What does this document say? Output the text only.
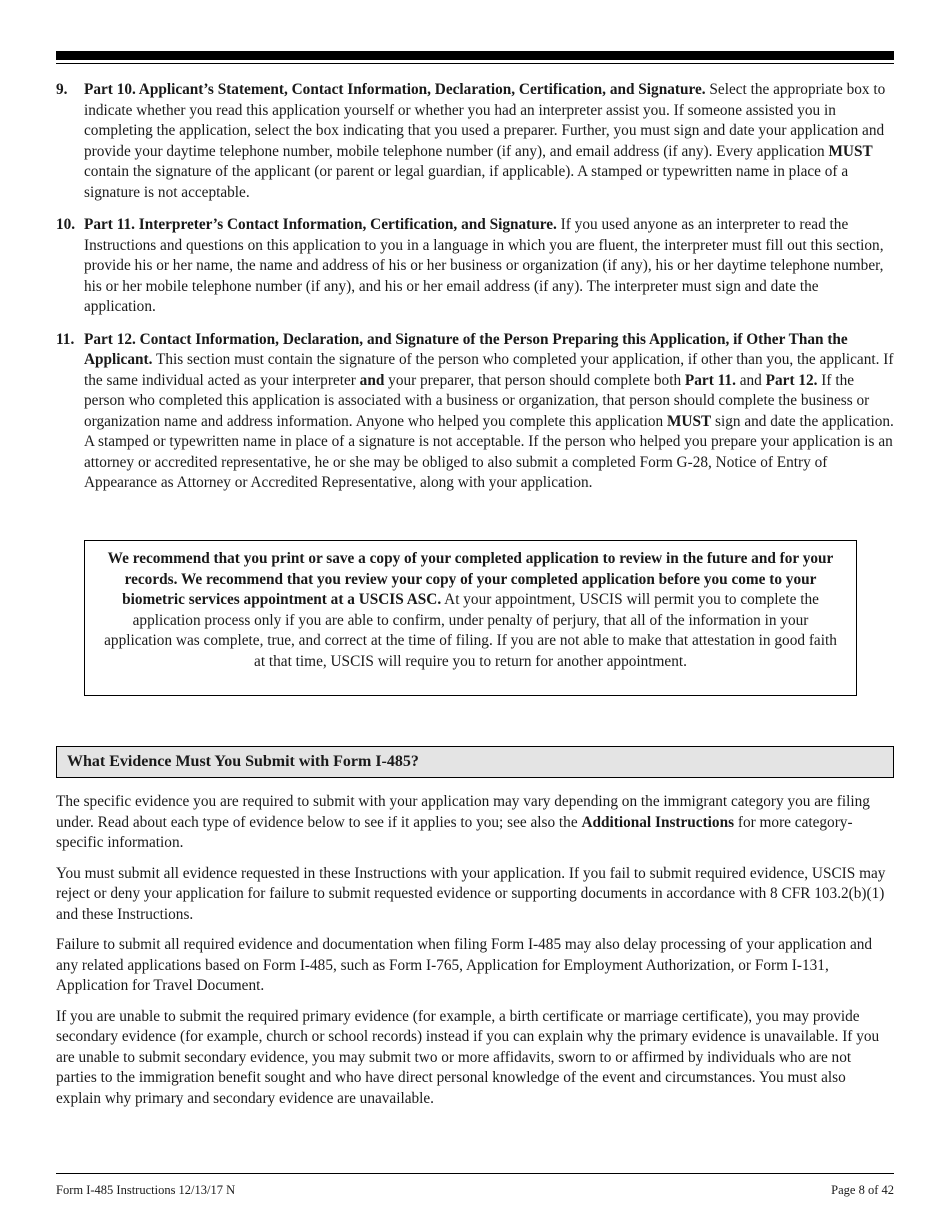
9. Part 10. Applicant’s Statement, Contact Information, Declaration, Certification, and Signature. Select the appropriate box to indicate whether you read this application yourself or whether you had an interpreter assist you. If someone assisted you in completing the application, select the box indicating that you used a preparer. Further, you must sign and date your application and provide your daytime telephone number, mobile telephone number (if any), and email address (if any). Every application MUST contain the signature of the applicant (or parent or legal guardian, if applicable). A stamped or typewritten name in place of a signature is not acceptable.

10. Part 11. Interpreter’s Contact Information, Certification, and Signature. If you used anyone as an interpreter to read the Instructions and questions on this application to you in a language in which you are fluent, the interpreter must fill out this section, provide his or her name, the name and address of his or her business or organization (if any), his or her daytime telephone number, his or her mobile telephone number (if any), and his or her email address (if any). The interpreter must sign and date the application.

11. Part 12. Contact Information, Declaration, and Signature of the Person Preparing this Application, if Other Than the Applicant. This section must contain the signature of the person who completed your application, if other than you, the applicant. If the same individual acted as your interpreter and your preparer, that person should complete both Part 11. and Part 12. If the person who completed this application is associated with a business or organization, that person should complete the business or organization name and address information. Anyone who helped you complete this application MUST sign and date the application. A stamped or typewritten name in place of a signature is not acceptable. If the person who helped you prepare your application is an attorney or accredited representative, he or she may be obliged to also submit a completed Form G-28, Notice of Entry of Appearance as Attorney or Accredited Representative, along with your application.

We recommend that you print or save a copy of your completed application to review in the future and for your records. We recommend that you review your copy of your completed application before you come to your biometric services appointment at a USCIS ASC. At your appointment, USCIS will permit you to complete the application process only if you are able to confirm, under penalty of perjury, that all of the information in your application was complete, true, and correct at the time of filing. If you are not able to make that attestation in good faith at that time, USCIS will require you to return for another appointment.

What Evidence Must You Submit with Form I-485?

The specific evidence you are required to submit with your application may vary depending on the immigrant category you are filing under. Read about each type of evidence below to see if it applies to you; see also the Additional Instructions for more category-specific information.

You must submit all evidence requested in these Instructions with your application. If you fail to submit required evidence, USCIS may reject or deny your application for failure to submit requested evidence or supporting documents in accordance with 8 CFR 103.2(b)(1) and these Instructions.

Failure to submit all required evidence and documentation when filing Form I-485 may also delay processing of your application and any related applications based on Form I-485, such as Form I-765, Application for Employment Authorization, or Form I-131, Application for Travel Document.

If you are unable to submit the required primary evidence (for example, a birth certificate or marriage certificate), you may provide secondary evidence (for example, church or school records) instead if you can explain why the primary evidence is unavailable. If you are unable to submit secondary evidence, you may submit two or more affidavits, sworn to or affirmed by individuals who are not parties to the immigration benefit sought and who have direct personal knowledge of the event and circumstances. You must also explain why primary and secondary evidence are unavailable.

Form I-485 Instructions 12/13/17 N	Page 8 of 42
